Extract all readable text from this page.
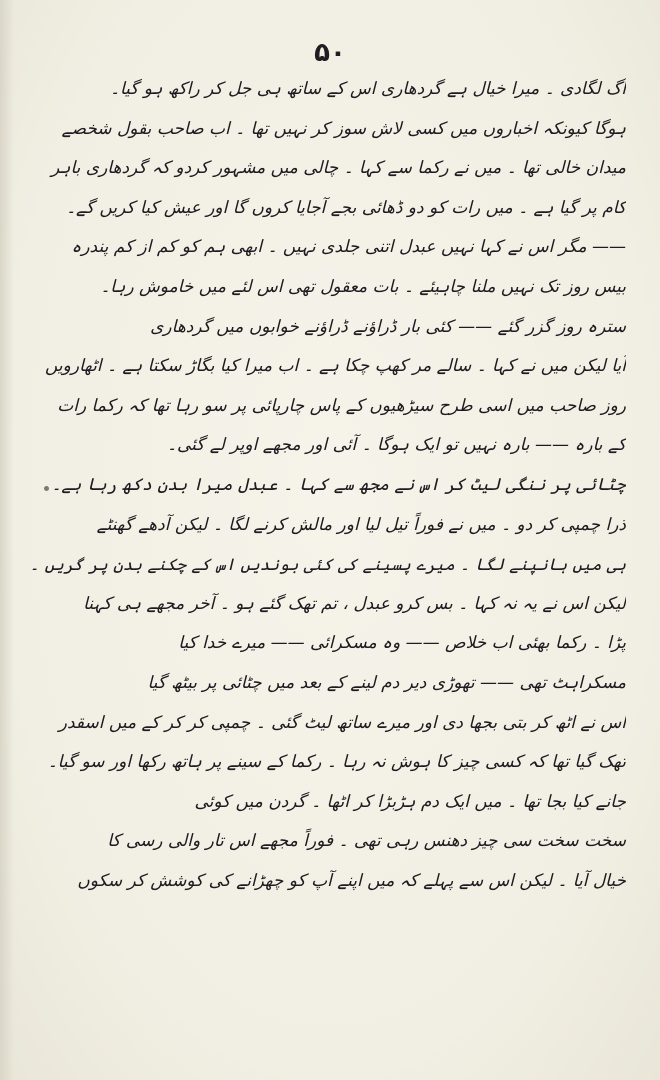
۵۰
آگ لگادی ۔ میرا خیال ہے گردھاری اس کے ساتھ ہی جل کر راکھ ہو گیا۔
ہوگا کیونکہ اخباروں میں کسی لاش سوز کر نہیں تھا ۔ اب صاحب بقول شخصے
میدان خالی تھا ۔ میں نے رکما سے کہا ۔ چالی میں مشہور کردو کہ گردھاری باہر
کام پر گیا ہے ۔ میں رات کو دو ڈھائی بجے آجایا کروں گا اور عیش کیا کریں گے۔
—— مگر اس نے کہا نہیں عبدل اتنی جلدی نہیں ۔ ابھی ہم کو کم از کم پندرہ
بیس روز تک نہیں ملنا چاہیئے ۔ بات معقول تھی اس لئے میں خاموش رہا۔
سترہ روز گزر گئے —— کئی بار ڈراؤنے ڈراؤنے خوابوں میں گردھاری
آیا لیکن میں نے کہا ۔ سالے مر کھپ چکا ہے ۔ اب میرا کیا بگاڑ سکتا ہے ۔ اٹھارویں
روز صاحب میں اسی طرح سیڑھیوں کے پاس چارپائی پر سو رہا تھا کہ رکما رات
کے بارہ —— بارہ نہیں تو ایک ہوگا ۔ آئی اور مجھے اوپر لے گئی۔
چٹائی پر ننگی لیٹ کر اس نے مجھ سے کہا ۔ عبدل میرا بدن دکھ رہا ہے۔
ذرا چمپی کر دو ۔ میں نے فوراً تیل لیا اور مالش کرنے لگا ۔ لیکن آدھے گھنٹے
ہی میں ہانپنے لگا ۔ میرے پسینے کی کئی بوندیں اس کے چکنے بدن پر گریں ۔
لیکن اس نے یہ نہ کہا ۔ بس کرو عبدل ، تم تھک گئے ہو ۔ آخر مجھے ہی کہنا
پڑا ۔ رکما بھئی اب خلاص —— وہ مسکرائی —— میرے خدا کیا
مسکراہٹ تھی —— تھوڑی دیر دم لینے کے بعد میں چٹائی پر بیٹھ گیا
اس نے اٹھ کر بتی بجھا دی اور میرے ساتھ لیٹ گئی ۔ چمپی کر کر کے میں اسقدر
تھک گیا تھا کہ کسی چیز کا ہوش نہ رہا ۔ رکما کے سینے پر ہاتھ رکھا اور سو گیا۔
جانے کیا بجا تھا ۔ میں ایک دم ہڑبڑا کر اٹھا ۔ گردن میں کوئی
سخت سخت سی چیز دھنس رہی تھی ۔ فوراً مجھے اس تار والی رسی کا
خیال آیا ۔ لیکن اس سے پہلے کہ میں اپنے آپ کو چھڑانے کی کوشش کر سکوں
